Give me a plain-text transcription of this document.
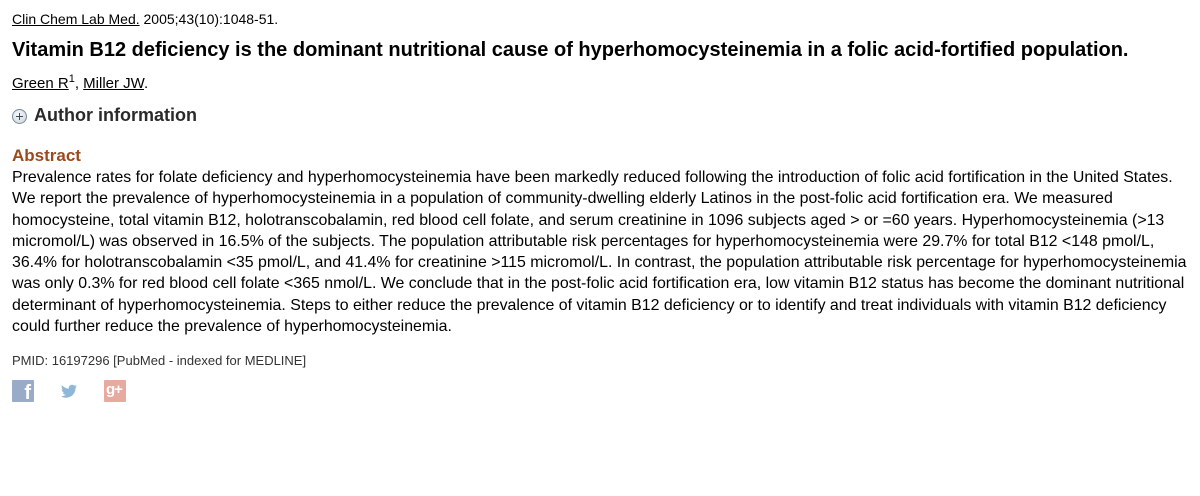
Clin Chem Lab Med. 2005;43(10):1048-51.
Vitamin B12 deficiency is the dominant nutritional cause of hyperhomocysteinemia in a folic acid-fortified population.
Green $R^1$, Miller JW.
Author information
Abstract
Prevalence rates for folate deficiency and hyperhomocysteinemia have been markedly reduced following the introduction of folic acid fortification in the United States. We report the prevalence of hyperhomocysteinemia in a population of community-dwelling elderly Latinos in the post-folic acid fortification era. We measured homocysteine, total vitamin B12, holotranscobalamin, red blood cell folate, and serum creatinine in 1096 subjects aged > or =60 years. Hyperhomocysteinemia (>13 micromol/L) was observed in 16.5% of the subjects. The population attributable risk percentages for hyperhomocysteinemia were 29.7% for total B12 <148 pmol/L, 36.4% for holotranscobalamin <35 pmol/L, and 41.4% for creatinine >115 micromol/L. In contrast, the population attributable risk percentage for hyperhomocysteinemia was only 0.3% for red blood cell folate <365 nmol/L. We conclude that in the post-folic acid fortification era, low vitamin B12 status has become the dominant nutritional determinant of hyperhomocysteinemia. Steps to either reduce the prevalence of vitamin B12 deficiency or to identify and treat individuals with vitamin B12 deficiency could further reduce the prevalence of hyperhomocysteinemia.
PMID: 16197296 [PubMed - indexed for MEDLINE]
f	g+
